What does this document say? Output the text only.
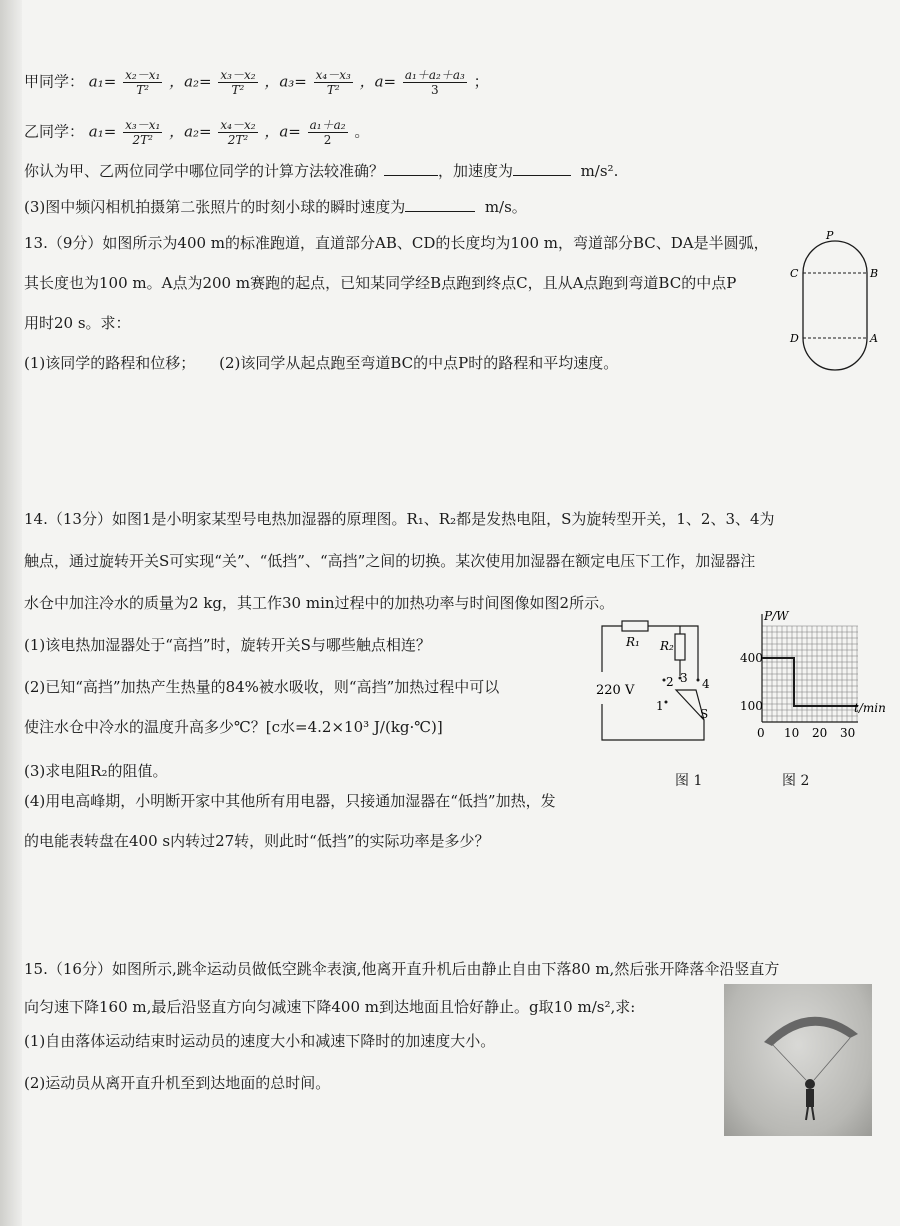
甲同学： $a_1= \frac{\text{x₂－x₁}}{\text{T²}}$ ，$a_2= \frac{\text{x₃－x₂}}{\text{T²}}$ ，$a_3= \frac{\text{x₄－x₃}}{\text{T²}}$ ，$a= \frac{\text{a₁＋a₂＋a₃}}{3}$ ；
乙同学： $a_1= \frac{\text{x₃－x₁}}{\text{2T²}}$ ，$a_2= \frac{\text{x₄－x₂}}{\text{2T²}}$ ，$a= \frac{\text{a₁＋a₂}}{2}$ 。
你认为甲、乙两位同学中哪位同学的计算方法较准确？	，加速度为	m/s².
(3)图中频闪相机拍摄第二张照片的时刻小球的瞬时速度为	m/s。
13.（9分）如图所示为400 m的标准跑道，直道部分AB、CD的长度均为100 m，弯道部分BC、DA是半圆弧，
其长度也为100 m。A点为200 m赛跑的起点，已知某同学经B点跑到终点C，且从A点跑到弯道BC的中点P
用时20 s。求：
(1)该同学的路程和位移； (2)该同学从起点跑至弯道BC的中点P时的路程和平均速度。
P
C	B
D	A
14.（13分）如图1是小明家某型号电热加湿器的原理图。R₁、R₂都是发热电阻，S为旋转型开关，1、2、3、4为
触点，通过旋转开关S可实现“关”、“低挡”、“高挡”之间的切换。某次使用加湿器在额定电压下工作，加湿器注
水仓中加注冷水的质量为2 kg，其工作30 min过程中的加热功率与时间图像如图2所示。
(1)该电热加湿器处于“高挡”时，旋转开关S与哪些触点相连？
(2)已知“高挡”加热产生热量的84%被水吸收，则“高挡”加热过程中可以
使注水仓中冷水的温度升高多少℃？[c水=4.2×10³ J/(kg·℃)]
(3)求电阻R₂的阻值。
(4)用电高峰期，小明断开家中其他所有用电器，只接通加湿器在“低挡”加热，发
的电能表转盘在400 s内转过27转，则此时“低挡”的实际功率是多少？
R₁ R₂
220 V
1
2 3 4
S
P/W
t/min
400
100
0 10 20 30
图 1	图 2
15.（16分）如图所示,跳伞运动员做低空跳伞表演,他离开直升机后由静止自由下落80 m,然后张开降落伞沿竖直方
向匀速下降160 m,最后沿竖直方向匀减速下降400 m到达地面且恰好静止。g取10 m/s²,求:
(1)自由落体运动结束时运动员的速度大小和减速下降时的加速度大小。
(2)运动员从离开直升机至到达地面的总时间。
